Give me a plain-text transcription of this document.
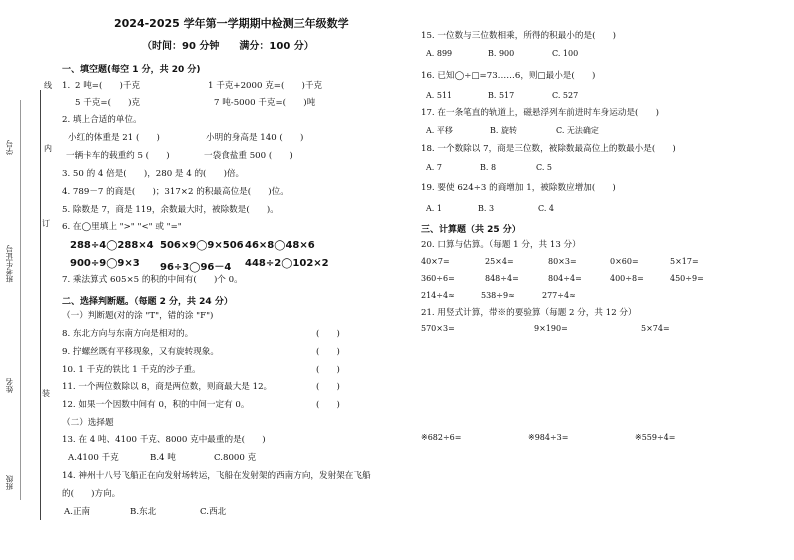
2024-2025 学年第一学期期中检测三年级数学
（时间：90 分钟　　满分：100 分）
线
内
订
装
学号
班考生证号
姓名
班级
一、填空题(每空 1 分，共 20 分)
1. 2 吨=(　　)千克	1 千克+2000 克=(　　)千克
5 千克=(　　)克	7 吨-5000 千克=(　　)吨
2. 填上合适的单位。
小红的体重是 21 (　　)	小明的身高是 140 (　　)
一辆卡车的载重约 5 (　　)	一袋食盐重 500 (　　)
3. 50 的 4 倍是(　　)，280 是 4 的(　　)倍。
4. 789－7 的商是(　　)；317×2 的积最高位是(　　)位。
5. 除数是 7，商是 119，余数最大时，被除数是(　　)。
6. 在◯里填上 ">" "<" 或 "="
288÷4◯288×4 506×9◯9×506 46×8◯48×6
900÷9◯9×3 96÷3◯96－4 448÷2◯102×2
7. 乘法算式 605×5 的积的中间有(　　)个 0。
二、选择判断题。（每题 2 分，共 24 分）
（一）判断题(对的涂 "T"，错的涂 "F")
8. 东北方向与东南方向是相对的。	(　　)
9. 拧螺丝既有平移现象，又有旋转现象。	(　　)
10. 1 千克的铁比 1 千克的沙子重。	(　　)
11. 一个两位数除以 8，商是两位数，则商最大是 12。	(　　)
12. 如果一个因数中间有 0，积的中间一定有 0。	(　　)
（二）选择题
13. 在 4 吨、4100 千克、8000 克中最重的是(　　)
A.4100 千克	B.4 吨	C.8000 克
14. 神州十八号飞船正在向发射场转运，飞船在发射架的西南方向，发射架在飞船
的(　　)方向。
A.正南	B.东北	C.西北
15. 一位数与三位数相乘，所得的积最小的是(　　)
A. 899	B. 900	C. 100
16. 已知◯÷□=73……6，则□最小是(　　)
A. 511	B. 517	C. 527
17. 在一条笔直的轨道上，磁悬浮列车前进时车身运动是(　　)
A. 平移	B. 旋转	C. 无法确定
18. 一个数除以 7，商是三位数，被除数最高位上的数最小是(　　)
A. 7	B. 8	C. 5
19. 要使 624÷3 的商增加 1，被除数应增加(　　)
A. 1	B. 3	C. 4
三、计算题（共 25 分）
20. 口算与估算。（每题 1 分，共 13 分）
40×7=	25×4=	80×3=	0×60=	5×17=
360÷6=	848÷4=	804÷4=	400÷8=	450÷9=
214÷4≈	538÷9≈	277÷4≈
21. 用竖式计算，带※的要验算（每题 2 分，共 12 分）
570×3=	9×190=	5×74=
※682÷6=	※984÷3=	※559÷4=
